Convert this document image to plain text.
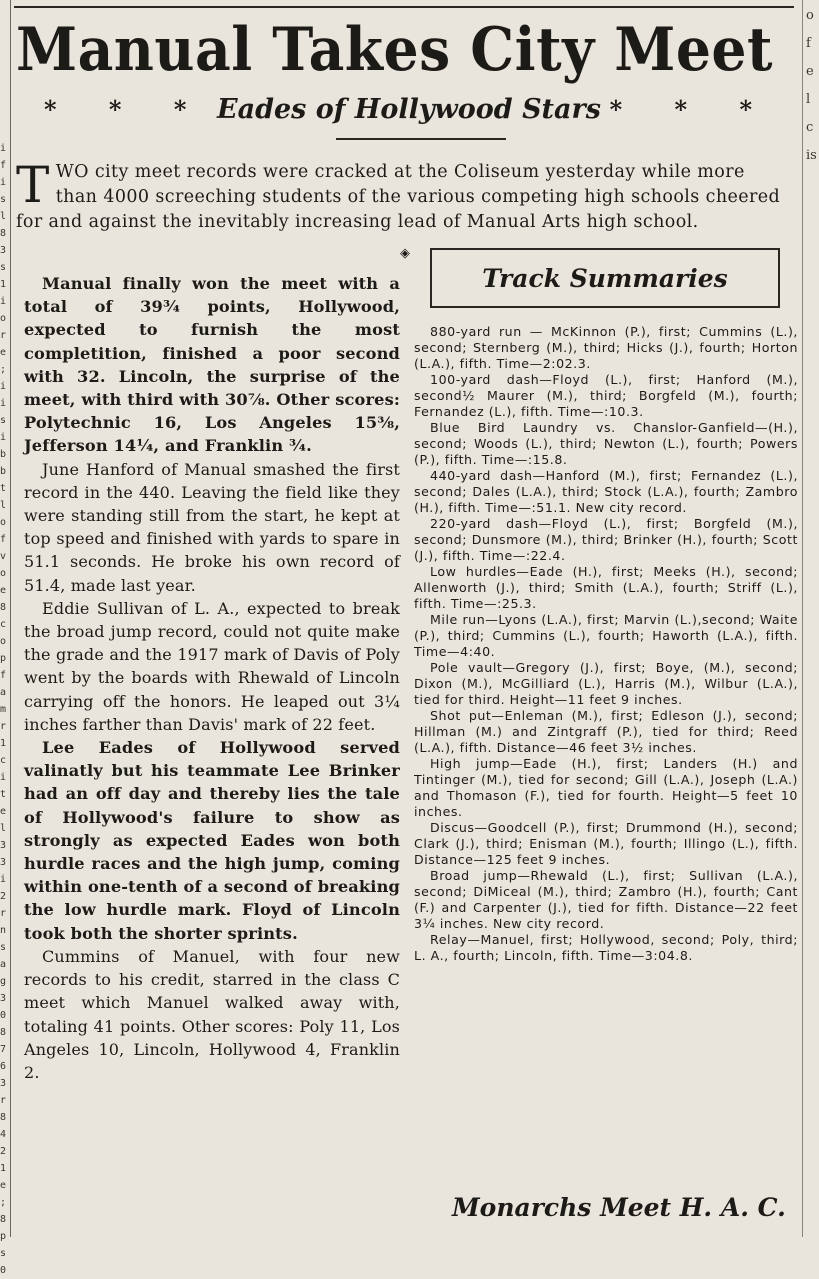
i f i s l 8 3 s 1 i o r e ; i i s i b b t l o f v o e 8 c o p f a m r 1 c i t e l 3 3 i 2 r n s a g 3 0 8 7 6 3 r 8 4 2 1 e ; 8 p s 0
o f e l c is
Manual Takes City Meet
* * * Eades of Hollywood Stars * * *
TWO city meet records were cracked at the Coliseum yesterday while more than 4000 screeching students of the various competing high schools cheered for and against the inevitably increasing lead of Manual Arts high school.

Manual finally won the meet with a total of 39¾ points, Hollywood, expected to furnish the most completition, finished a poor second with 32. Lincoln, the surprise of the meet, with third with 30⅞. Other scores: Polytechnic 16, Los Angeles 15⅜, Jefferson 14¼, and Franklin ¾.

June Hanford of Manual smashed the first record in the 440. Leaving the field like they were standing still from the start, he kept at top speed and finished with yards to spare in 51.1 seconds. He broke his own record of 51.4, made last year.

Eddie Sullivan of L. A., expected to break the broad jump record, could not quite make the grade and the 1917 mark of Davis of Poly went by the boards with Rhewald of Lincoln carrying off the honors. He leaped out 3¼ inches farther than Davis' mark of 22 feet.

Lee Eades of Hollywood served valinatly but his teammate Lee Brinker had an off day and thereby lies the tale of Hollywood's failure to show as strongly as expected Eades won both hurdle races and the high jump, coming within one-tenth of a second of breaking the low hurdle mark. Floyd of Lincoln took both the shorter sprints.

Cummins of Manuel, with four new records to his credit, starred in the class C meet which Manuel walked away with, totaling 41 points. Other scores: Poly 11, Los Angeles 10, Lincoln, Hollywood 4, Franklin 2.

◈
Track Summaries

880-yard run — McKinnon (P.), first; Cummins (L.), second; Sternberg (M.), third; Hicks (J.), fourth; Horton (L.A.), fifth. Time—2:02.3.

100-yard dash—Floyd (L.), first; Hanford (M.), second½ Maurer (M.), third; Borgfeld (M.), fourth; Fernandez (L.), fifth. Time—:10.3.

Blue Bird Laundry vs. Chanslor-Ganfield—(H.), second; Woods (L.), third; Newton (L.), fourth; Powers (P.), fifth. Time—:15.8.

440-yard dash—Hanford (M.), first; Fernandez (L.), second; Dales (L.A.), third; Stock (L.A.), fourth; Zambro (H.), fifth. Time—:51.1. New city record.

220-yard dash—Floyd (L.), first; Borgfeld (M.), second; Dunsmore (M.), third; Brinker (H.), fourth; Scott (J.), fifth. Time—:22.4.

Low hurdles—Eade (H.), first; Meeks (H.), second; Allenworth (J.), third; Smith (L.A.), fourth; Striff (L.), fifth. Time—:25.3.

Mile run—Lyons (L.A.), first; Marvin (L.),second; Waite (P.), third; Cummins (L.), fourth; Haworth (L.A.), fifth. Time—4:40.

Pole vault—Gregory (J.), first; Boye, (M.), second; Dixon (M.), McGilliard (L.), Harris (M.), Wilbur (L.A.), tied for third. Height—11 feet 9 inches.

Shot put—Enleman (M.), first; Edleson (J.), second; Hillman (M.) and Zintgraff (P.), tied for third; Reed (L.A.), fifth. Distance—46 feet 3½ inches.

High jump—Eade (H.), first; Landers (H.) and Tintinger (M.), tied for second; Gill (L.A.), Joseph (L.A.) and Thomason (F.), tied for fourth. Height—5 feet 10 inches.

Discus—Goodcell (P.), first; Drummond (H.), second; Clark (J.), third; Enisman (M.), fourth; Illingo (L.), fifth. Distance—125 feet 9 inches.

Broad jump—Rhewald (L.), first; Sullivan (L.A.), second; DiMiceal (M.), third; Zambro (H.), fourth; Cant (F.) and Carpenter (J.), tied for fifth. Distance—22 feet 3¼ inches. New city record.

Relay—Manuel, first; Hollywood, second; Poly, third; L. A., fourth; Lincoln, fifth. Time—3:04.8.

Monarchs Meet H. A. C.
